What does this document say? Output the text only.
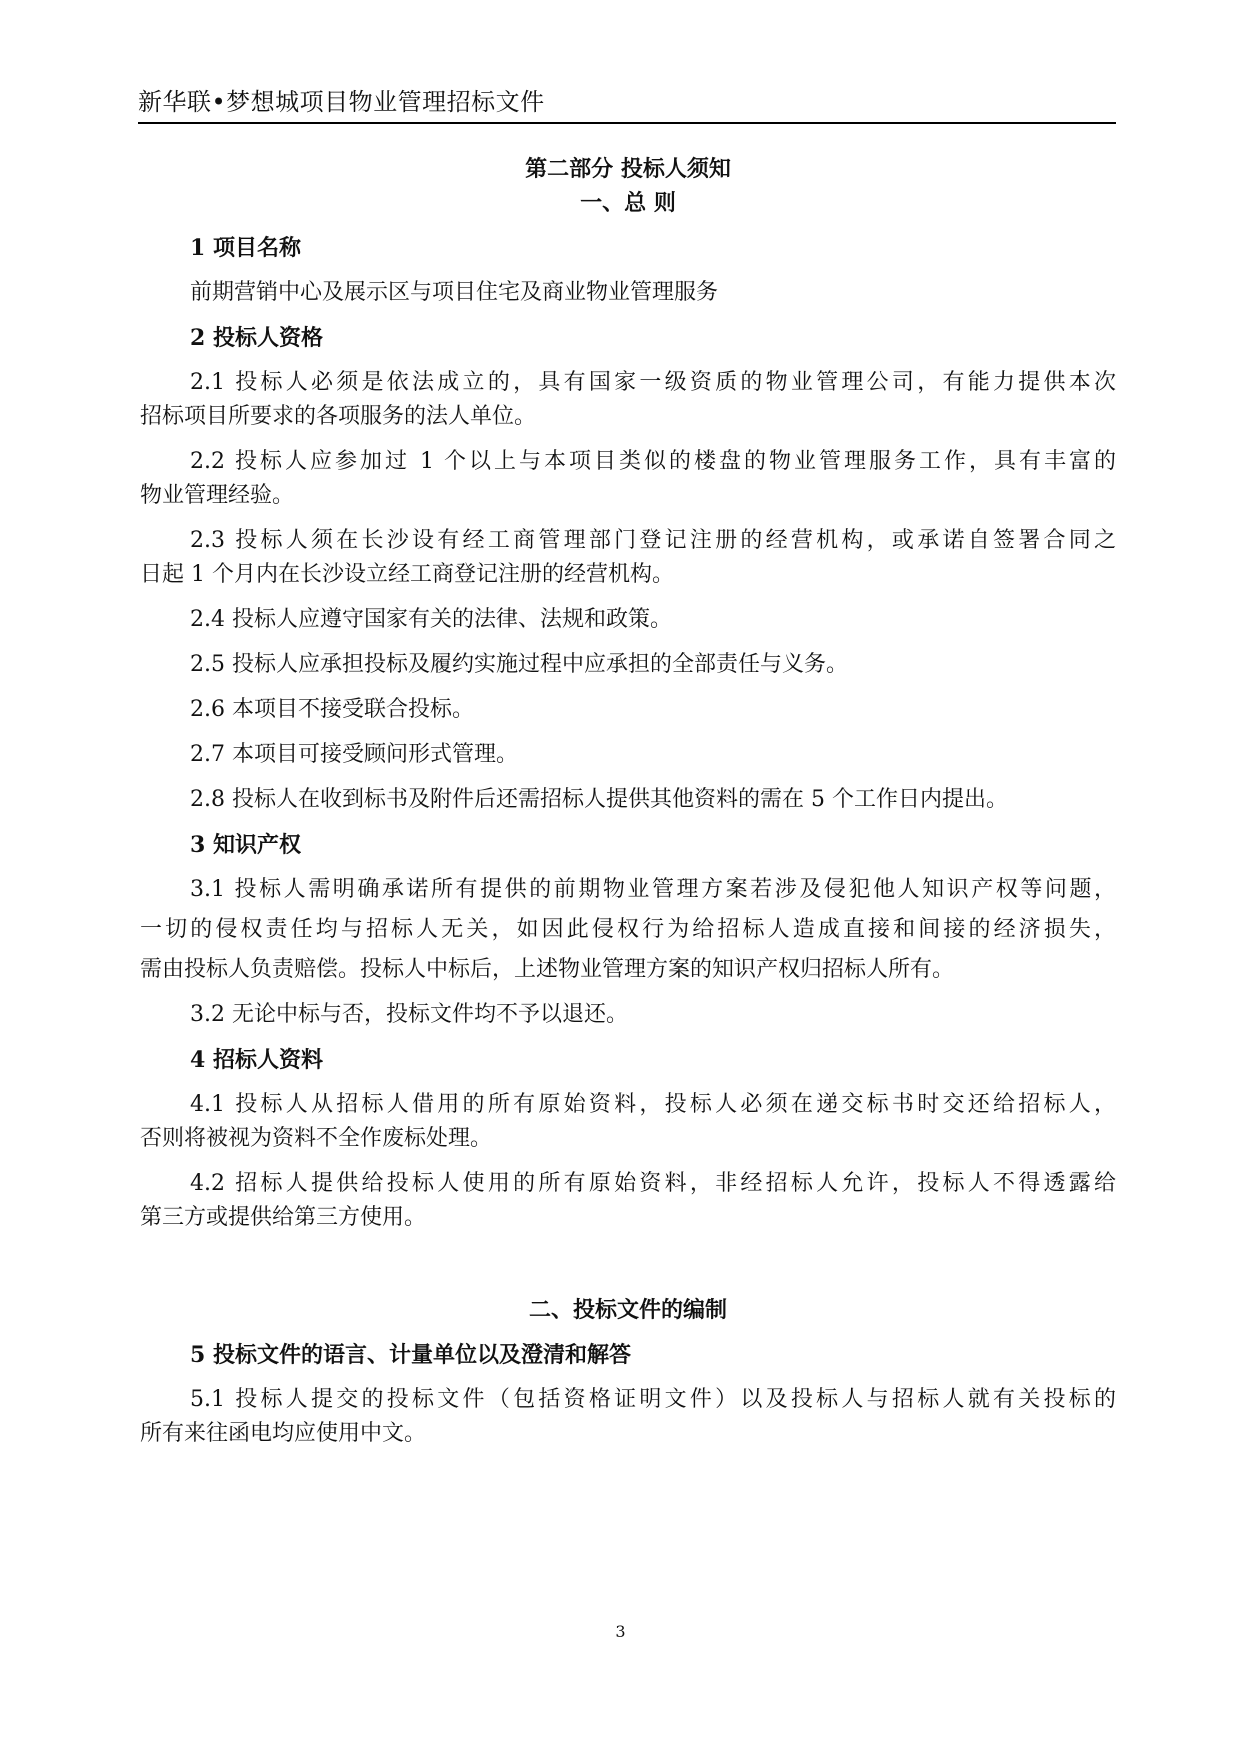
新华联•梦想城项目物业管理招标文件
第二部分 投标人须知
一、总 则
1 项目名称
前期营销中心及展示区与项目住宅及商业物业管理服务
2 投标人资格
2.1 投标人必须是依法成立的，具有国家一级资质的物业管理公司，有能力提供本次
招标项目所要求的各项服务的法人单位。
2.2 投标人应参加过 1 个以上与本项目类似的楼盘的物业管理服务工作，具有丰富的
物业管理经验。
2.3 投标人须在长沙设有经工商管理部门登记注册的经营机构，或承诺自签署合同之
日起 1 个月内在长沙设立经工商登记注册的经营机构。
2.4 投标人应遵守国家有关的法律、法规和政策。
2.5 投标人应承担投标及履约实施过程中应承担的全部责任与义务。
2.6 本项目不接受联合投标。
2.7 本项目可接受顾问形式管理。
2.8 投标人在收到标书及附件后还需招标人提供其他资料的需在 5 个工作日内提出。
3 知识产权
3.1 投标人需明确承诺所有提供的前期物业管理方案若涉及侵犯他人知识产权等问题，
一切的侵权责任均与招标人无关，如因此侵权行为给招标人造成直接和间接的经济损失，
需由投标人负责赔偿。投标人中标后，上述物业管理方案的知识产权归招标人所有。
3.2 无论中标与否，投标文件均不予以退还。
4 招标人资料
4.1 投标人从招标人借用的所有原始资料，投标人必须在递交标书时交还给招标人，
否则将被视为资料不全作废标处理。
4.2 招标人提供给投标人使用的所有原始资料，非经招标人允许，投标人不得透露给
第三方或提供给第三方使用。
二、投标文件的编制
5 投标文件的语言、计量单位以及澄清和解答
5.1 投标人提交的投标文件（包括资格证明文件）以及投标人与招标人就有关投标的
所有来往函电均应使用中文。
3
